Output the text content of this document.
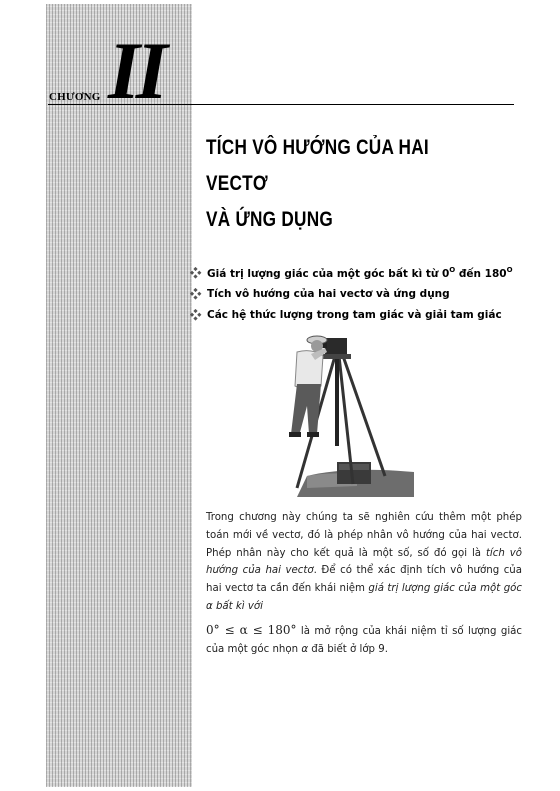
CHƯƠNG II
TÍCH VÔ HƯỚNG CỦA HAI VECTƠ
VÀ ỨNG DỤNG
Giá trị lượng giác của một góc bất kì từ $0^O$ đến $180^O$
Tích vô hướng của hai vectơ và ứng dụng
Các hệ thức lượng trong tam giác và giải tam giác
Trong chương này chúng ta sẽ nghiên cứu thêm một phép toán mới về vectơ, đó là phép nhân vô hướng của hai vectơ. Phép nhân này cho kết quả là một số, số đó gọi là tích vô hướng của hai vectơ. Để có thể xác định tích vô hướng của hai vectơ ta cần đến khái niệm giá trị lượng giác của một góc α bất kì với
0° ≤ α ≤ 180° là mở rộng của khái niệm tỉ số lượng giác của một góc nhọn α đã biết ở lớp 9.
